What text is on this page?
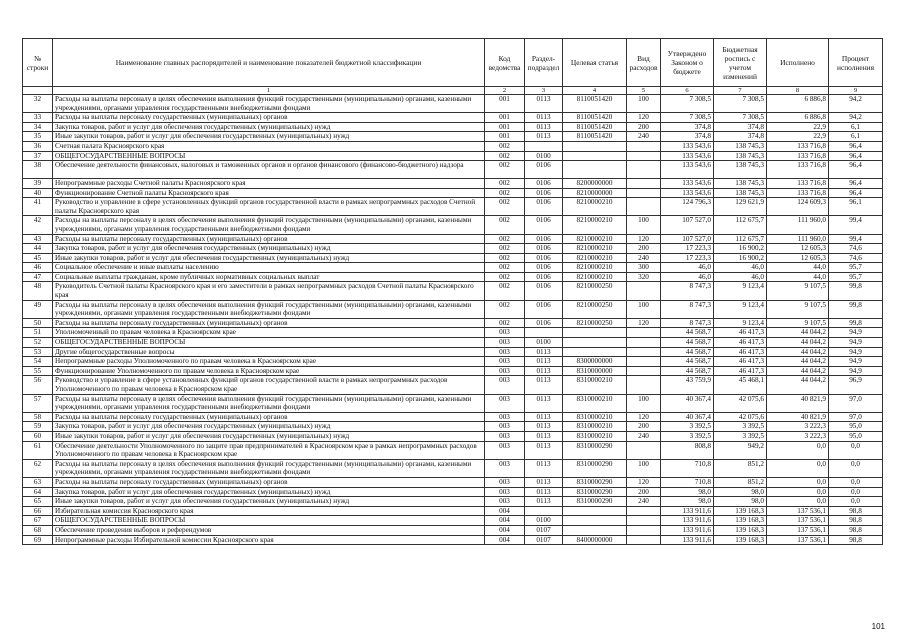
№ строки	Наименование главных распорядителей и наименование показателей бюджетной классификации	Код ведомства	Раздел-подраздел	Целевая статья	Вид расходов	Утверждено Законом о бюджете	Бюджетная роспись с учетом изменений	Исполнено	Процент исполнения
	1	2	3	4	5	6	7	8	9
32	Расходы на выплаты персоналу в целях обеспечения выполнения функций государственными (муниципальными) органами, казенными учреждениями, органами управления государственными внебюджетными фондами	001	0113	8110051420	100	7 308,5	7 308,5	6 886,8	94,2
33	Расходы на выплаты персоналу государственных (муниципальных) органов	001	0113	8110051420	120	7 308,5	7 308,5	6 886,8	94,2
34	Закупка товаров, работ и услуг для обеспечения государственных (муниципальных) нужд	001	0113	8110051420	200	374,8	374,8	22,9	6,1
35	Иные закупки товаров, работ и услуг для обеспечения государственных (муниципальных) нужд	001	0113	8110051420	240	374,8	374,8	22,9	6,1
36	Счетная палата Красноярского края	002				133 543,6	138 745,3	133 716,8	96,4
37	ОБЩЕГОСУДАРСТВЕННЫЕ ВОПРОСЫ	002	0100			133 543,6	138 745,3	133 716,8	96,4
38	Обеспечение деятельности финансовых, налоговых и таможенных органов и органов финансового (финансово-бюджетного) надзора	002	0106			133 543,6	138 745,3	133 716,8	96,4
39	Непрограммные расходы Счетной палаты Красноярского края	002	0106	8200000000		133 543,6	138 745,3	133 716,8	96,4
40	Функционирование Счетной палаты Красноярского края	002	0106	8210000000		133 543,6	138 745,3	133 716,8	96,4
41	Руководство и управление в сфере установленных функций органов государственной власти в рамках непрограммных расходов Счетной палаты Красноярского края	002	0106	8210000210		124 796,3	129 621,9	124 609,3	96,1
42	Расходы на выплаты персоналу в целях обеспечения выполнения функций государственными (муниципальными) органами, казенными учреждениями, органами управления государственными внебюджетными фондами	002	0106	8210000210	100	107 527,0	112 675,7	111 960,0	99,4
43	Расходы на выплаты персоналу государственных (муниципальных) органов	002	0106	8210000210	120	107 527,0	112 675,7	111 960,0	99,4
44	Закупка товаров, работ и услуг для обеспечения государственных (муниципальных) нужд	002	0106	8210000210	200	17 223,3	16 900,2	12 605,3	74,6
45	Иные закупки товаров, работ и услуг для обеспечения государственных (муниципальных) нужд	002	0106	8210000210	240	17 223,3	16 900,2	12 605,3	74,6
46	Социальное обеспечение и иные выплаты населению	002	0106	8210000210	300	46,0	46,0	44,0	95,7
47	Социальные выплаты гражданам, кроме публичных нормативных социальных выплат	002	0106	8210000210	320	46,0	46,0	44,0	95,7
48	Руководитель Счетной палаты Красноярского края и его заместители в рамках непрограммных расходов Счетной палаты Красноярского края	002	0106	8210000250		8 747,3	9 123,4	9 107,5	99,8
49	Расходы на выплаты персоналу в целях обеспечения выполнения функций государственными (муниципальными) органами, казенными учреждениями, органами управления государственными внебюджетными фондами	002	0106	8210000250	100	8 747,3	9 123,4	9 107,5	99,8
50	Расходы на выплаты персоналу государственных (муниципальных) органов	002	0106	8210000250	120	8 747,3	9 123,4	9 107,5	99,8
51	Уполномоченный по правам человека в Красноярском крае	003				44 568,7	46 417,3	44 044,2	94,9
52	ОБЩЕГОСУДАРСТВЕННЫЕ ВОПРОСЫ	003	0100			44 568,7	46 417,3	44 044,2	94,9
53	Другие общегосударственные вопросы	003	0113			44 568,7	46 417,3	44 044,2	94,9
54	Непрограммные расходы Уполномоченного по правам человека в Красноярском крае	003	0113	8300000000		44 568,7	46 417,3	44 044,2	94,9
55	Функционирование Уполномоченного по правам человека в Красноярском крае	003	0113	8310000000		44 568,7	46 417,3	44 044,2	94,9
56	Руководство и управление в сфере установленных функций органов государственной власти в рамках непрограммных расходов Уполномоченного по правам человека в Красноярском крае	003	0113	8310000210		43 759,9	45 468,1	44 044,2	96,9
57	Расходы на выплаты персоналу в целях обеспечения выполнения функций государственными (муниципальными) органами, казенными учреждениями, органами управления государственными внебюджетными фондами	003	0113	8310000210	100	40 367,4	42 075,6	40 821,9	97,0
58	Расходы на выплаты персоналу государственных (муниципальных) органов	003	0113	8310000210	120	40 367,4	42 075,6	40 821,9	97,0
59	Закупка товаров, работ и услуг для обеспечения государственных (муниципальных) нужд	003	0113	8310000210	200	3 392,5	3 392,5	3 222,3	95,0
60	Иные закупки товаров, работ и услуг для обеспечения государственных (муниципальных) нужд	003	0113	8310000210	240	3 392,5	3 392,5	3 222,3	95,0
61	Обеспечение деятельности Уполномоченного по защите прав предпринимателей в Красноярском крае в рамках непрограммных расходов Уполномоченного по правам человека в Красноярском крае	003	0113	8310000290		808,8	949,2	0,0	0,0
62	Расходы на выплаты персоналу в целях обеспечения выполнения функций государственными (муниципальными) органами, казенными учреждениями, органами управления государственными внебюджетными фондами	003	0113	8310000290	100	710,8	851,2	0,0	0,0
63	Расходы на выплаты персоналу государственных (муниципальных) органов	003	0113	8310000290	120	710,8	851,2	0,0	0,0
64	Закупка товаров, работ и услуг для обеспечения государственных (муниципальных) нужд	003	0113	8310000290	200	98,0	98,0	0,0	0,0
65	Иные закупки товаров, работ и услуг для обеспечения государственных (муниципальных) нужд	003	0113	8310000290	240	98,0	98,0	0,0	0,0
66	Избирательная комиссия Красноярского края	004				133 911,6	139 168,3	137 536,1	98,8
67	ОБЩЕГОСУДАРСТВЕННЫЕ ВОПРОСЫ	004	0100			133 911,6	139 168,3	137 536,1	98,8
68	Обеспечение проведения выборов и референдумов	004	0107			133 911,6	139 168,3	137 536,1	98,8
69	Непрограммные расходы Избирательной комиссии Красноярского края	004	0107	8400000000		133 911,6	139 168,3	137 536,1	98,8
101
